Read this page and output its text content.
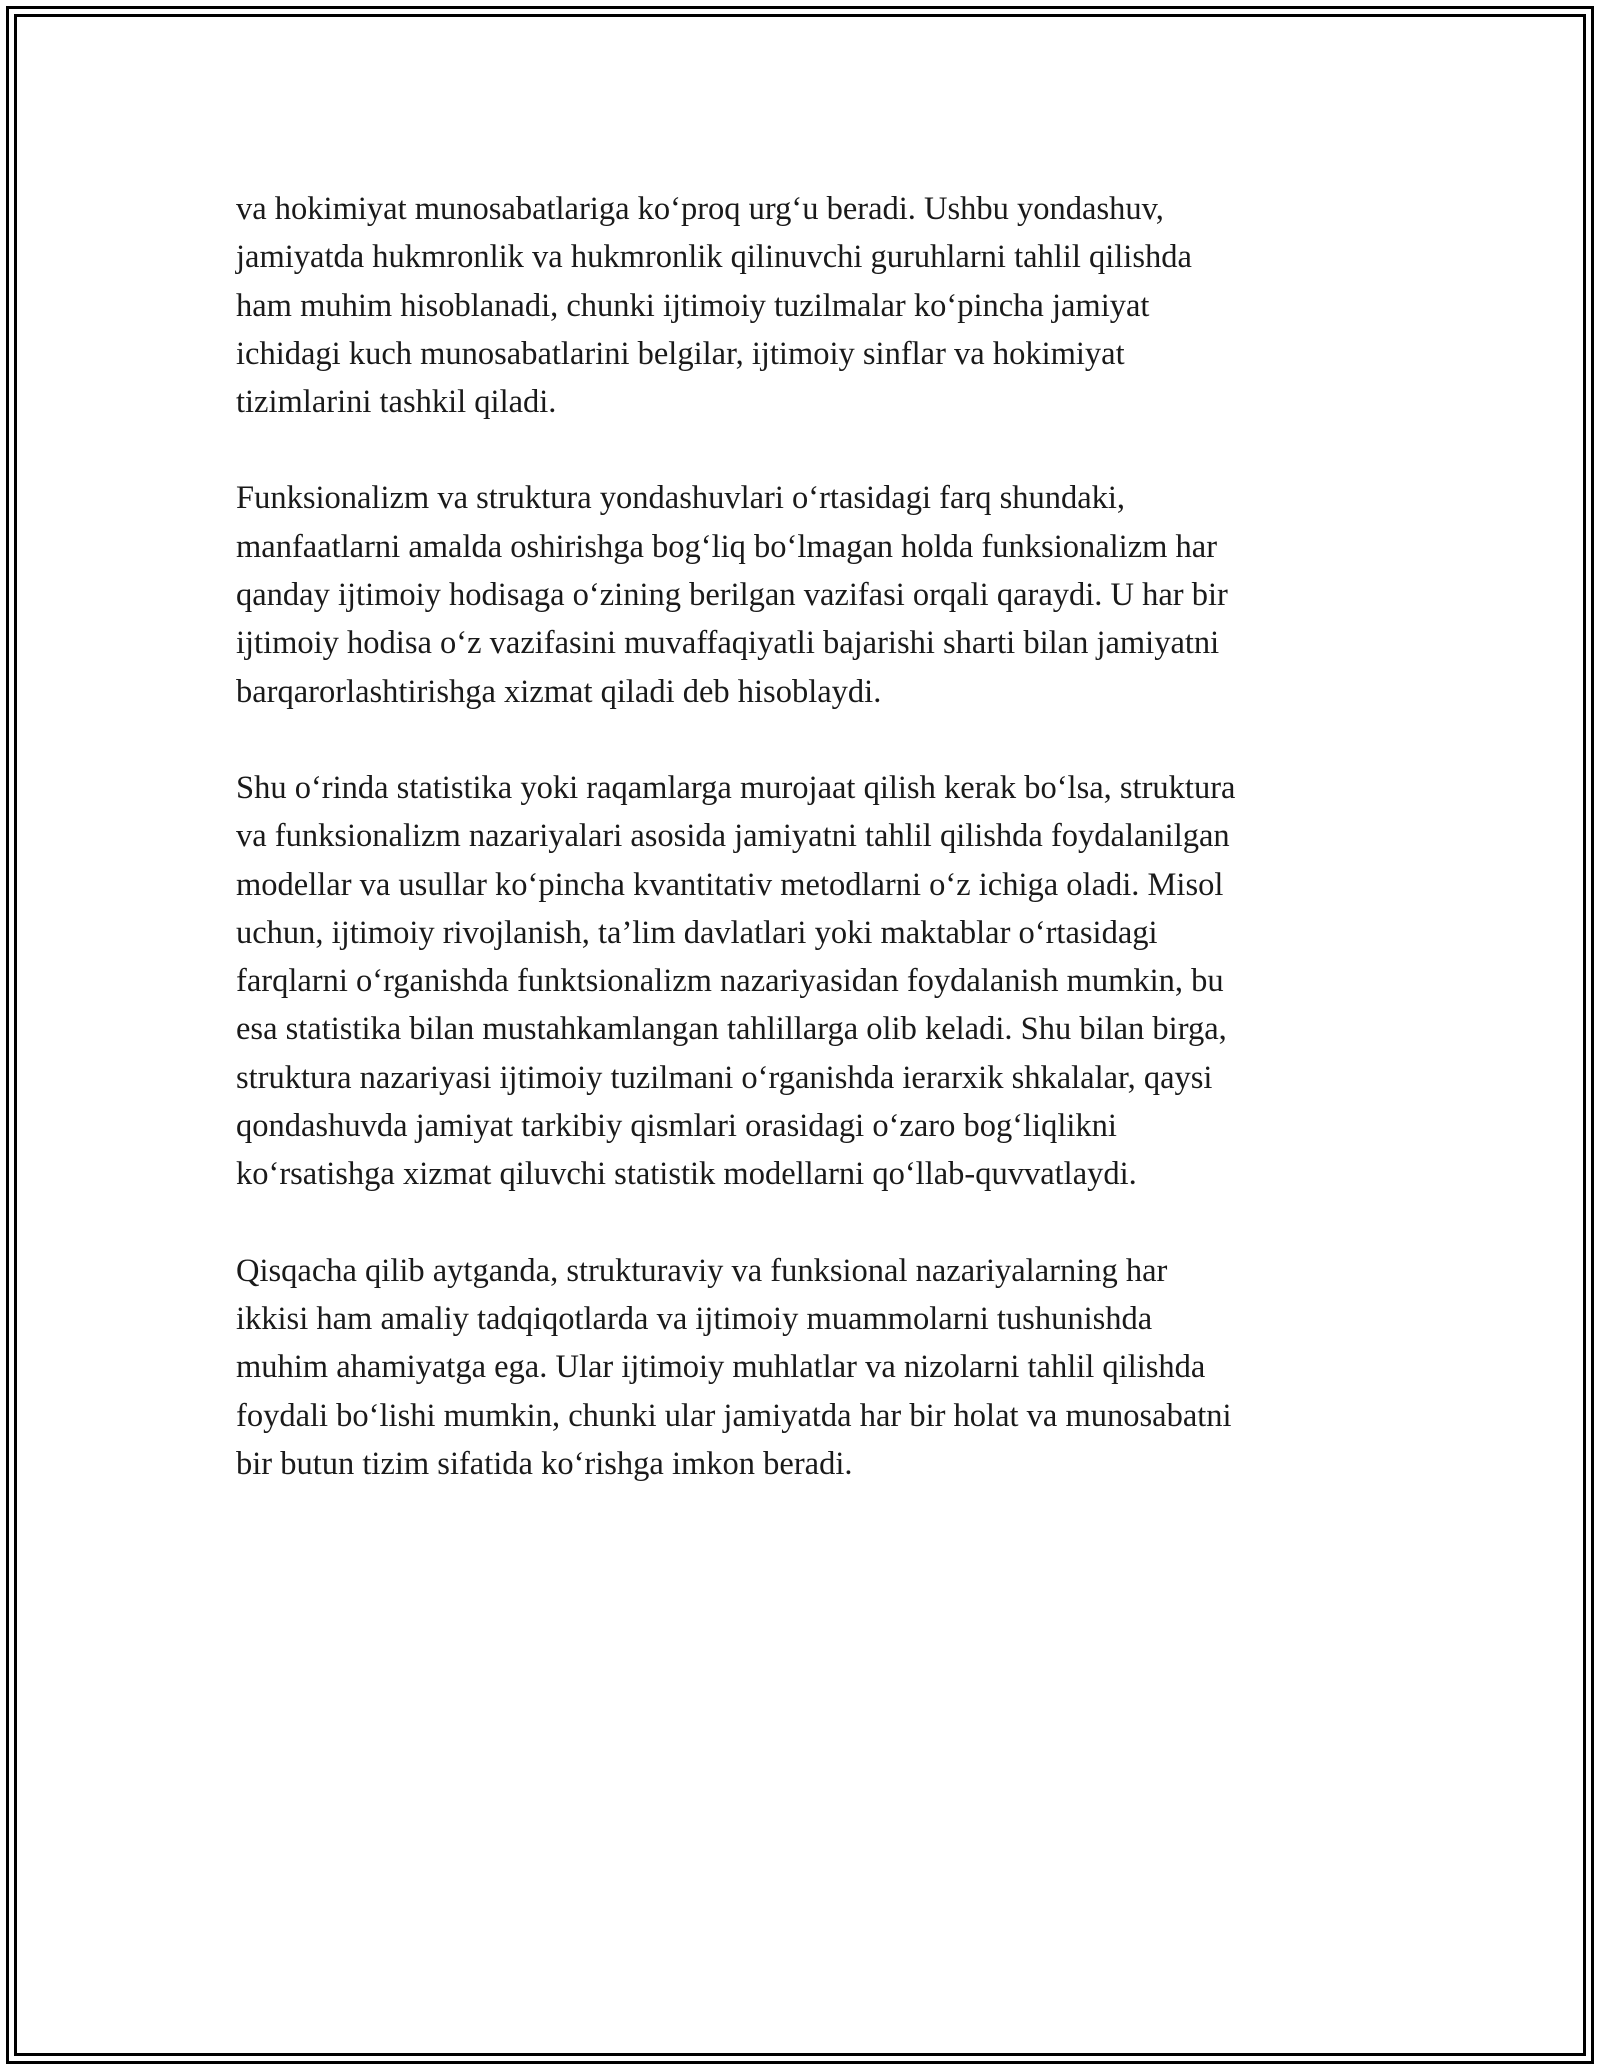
va hokimiyat munosabatlariga ko‘proq urg‘u beradi. Ushbu yondashuv,
jamiyatda hukmronlik va hukmronlik qilinuvchi guruhlarni tahlil qilishda
ham muhim hisoblanadi, chunki ijtimoiy tuzilmalar ko‘pincha jamiyat
ichidagi kuch munosabatlarini belgilar, ijtimoiy sinflar va hokimiyat
tizimlarini tashkil qiladi.

Funksionalizm va struktura yondashuvlari o‘rtasidagi farq shundaki,
manfaatlarni amalda oshirishga bog‘liq bo‘lmagan holda funksionalizm har
qanday ijtimoiy hodisaga o‘zining berilgan vazifasi orqali qaraydi. U har bir
ijtimoiy hodisa o‘z vazifasini muvaffaqiyatli bajarishi sharti bilan jamiyatni
barqarorlashtirishga xizmat qiladi deb hisoblaydi.

Shu o‘rinda statistika yoki raqamlarga murojaat qilish kerak bo‘lsa, struktura
va funksionalizm nazariyalari asosida jamiyatni tahlil qilishda foydalanilgan
modellar va usullar ko‘pincha kvantitativ metodlarni o‘z ichiga oladi. Misol
uchun, ijtimoiy rivojlanish, ta’lim davlatlari yoki maktablar o‘rtasidagi
farqlarni o‘rganishda funktsionalizm nazariyasidan foydalanish mumkin, bu
esa statistika bilan mustahkamlangan tahlillarga olib keladi. Shu bilan birga,
struktura nazariyasi ijtimoiy tuzilmani o‘rganishda ierarxik shkalalar, qaysi
qondashuvda jamiyat tarkibiy qismlari orasidagi o‘zaro bog‘liqlikni
ko‘rsatishga xizmat qiluvchi statistik modellarni qo‘llab-quvvatlaydi.

Qisqacha qilib aytganda, strukturaviy va funksional nazariyalarning har
ikkisi ham amaliy tadqiqotlarda va ijtimoiy muammolarni tushunishda
muhim ahamiyatga ega. Ular ijtimoiy muhlatlar va nizolarni tahlil qilishda
foydali bo‘lishi mumkin, chunki ular jamiyatda har bir holat va munosabatni
bir butun tizim sifatida ko‘rishga imkon beradi.
